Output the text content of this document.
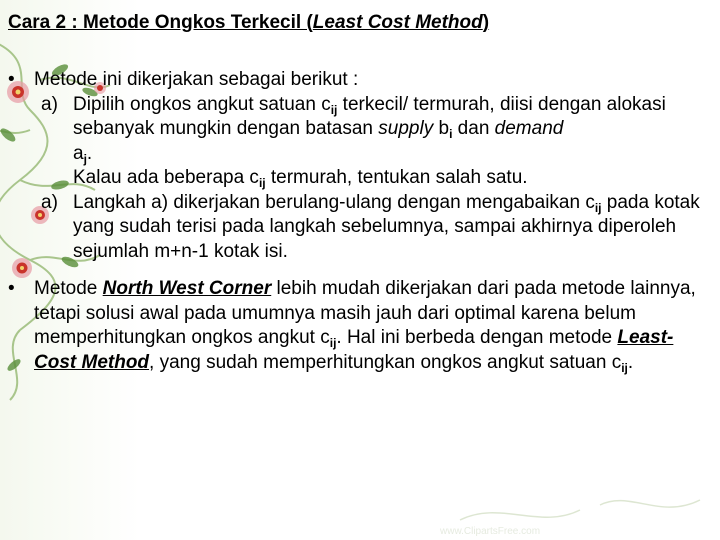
Cara 2 : Metode Ongkos Terkecil (Least Cost Method)
• Metode ini dikerjakan sebagai berikut :
a) Dipilih ongkos angkut satuan $c_{ij}$ terkecil/ termurah, diisi dengan alokasi sebanyak mungkin dengan batasan supply $b_i$ dan demand
$a_j$.
Kalau ada beberapa $c_{ij}$ termurah, tentukan salah satu.
a) Langkah a) dikerjakan berulang-ulang dengan mengabaikan $c_{ij}$ pada kotak yang sudah terisi pada langkah sebelumnya, sampai akhirnya diperoleh sejumlah m+n-1 kotak isi.
• Metode North West Corner lebih mudah dikerjakan dari pada metode lainnya, tetapi solusi awal pada umumnya masih jauh dari optimal karena belum memperhitungkan ongkos angkut $c_{ij}$. Hal ini berbeda dengan metode Least-Cost Method, yang sudah memperhitungkan ongkos angkut satuan $c_{ij}$.
www.ClipartsFree.com
